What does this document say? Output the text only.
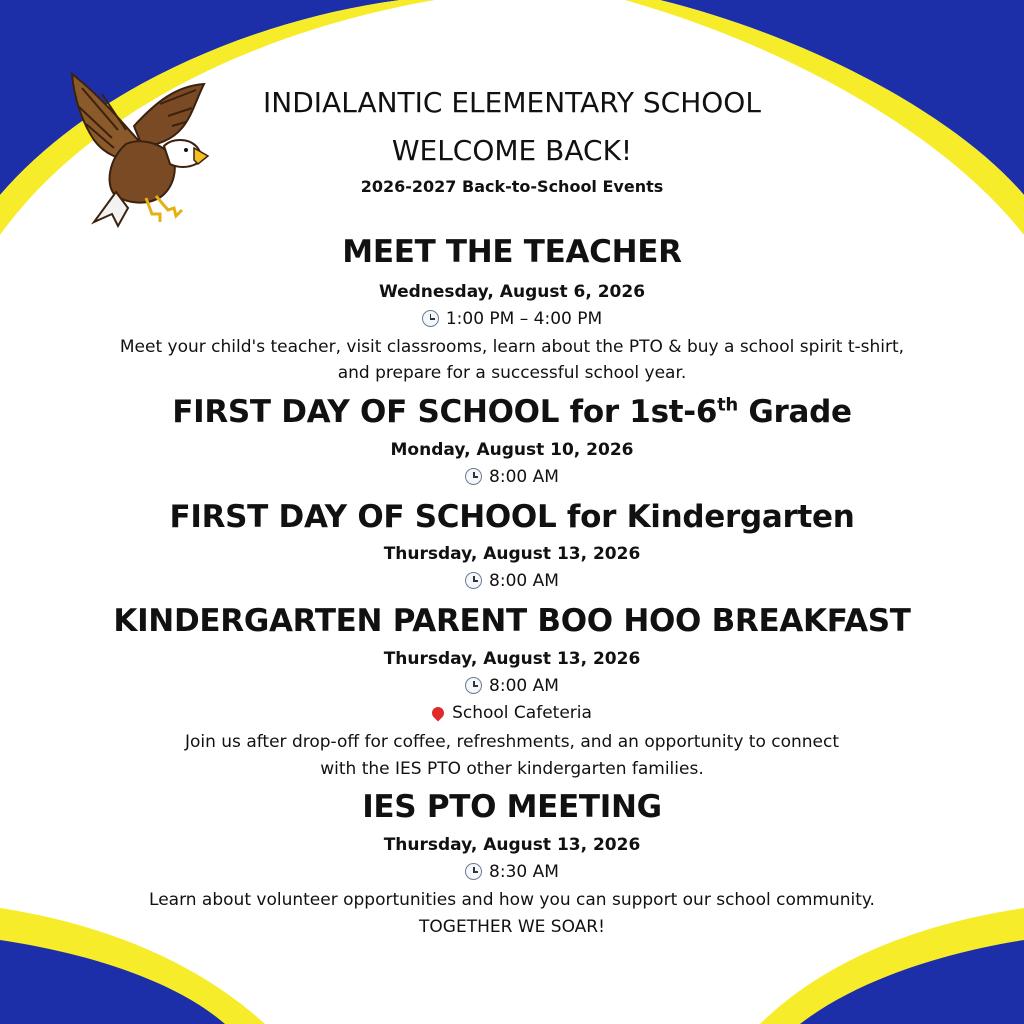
INDIALANTIC ELEMENTARY SCHOOL
WELCOME BACK!
2026-2027 Back-to-School Events
MEET THE TEACHER
Wednesday, August 6, 2026
1:00 PM – 4:00 PM
Meet your child's teacher, visit classrooms, learn about the PTO & buy a school spirit t-shirt,
and prepare for a successful school year.
FIRST DAY OF SCHOOL for 1st-6th Grade
Monday, August 10, 2026
8:00 AM
FIRST DAY OF SCHOOL for Kindergarten
Thursday, August 13, 2026
8:00 AM
KINDERGARTEN PARENT BOO HOO BREAKFAST
Thursday, August 13, 2026
8:00 AM
School Cafeteria
Join us after drop-off for coffee, refreshments, and an opportunity to connect
with the IES PTO other kindergarten families.
IES PTO MEETING
Thursday, August 13, 2026
8:30 AM
Learn about volunteer opportunities and how you can support our school community.
TOGETHER WE SOAR!
